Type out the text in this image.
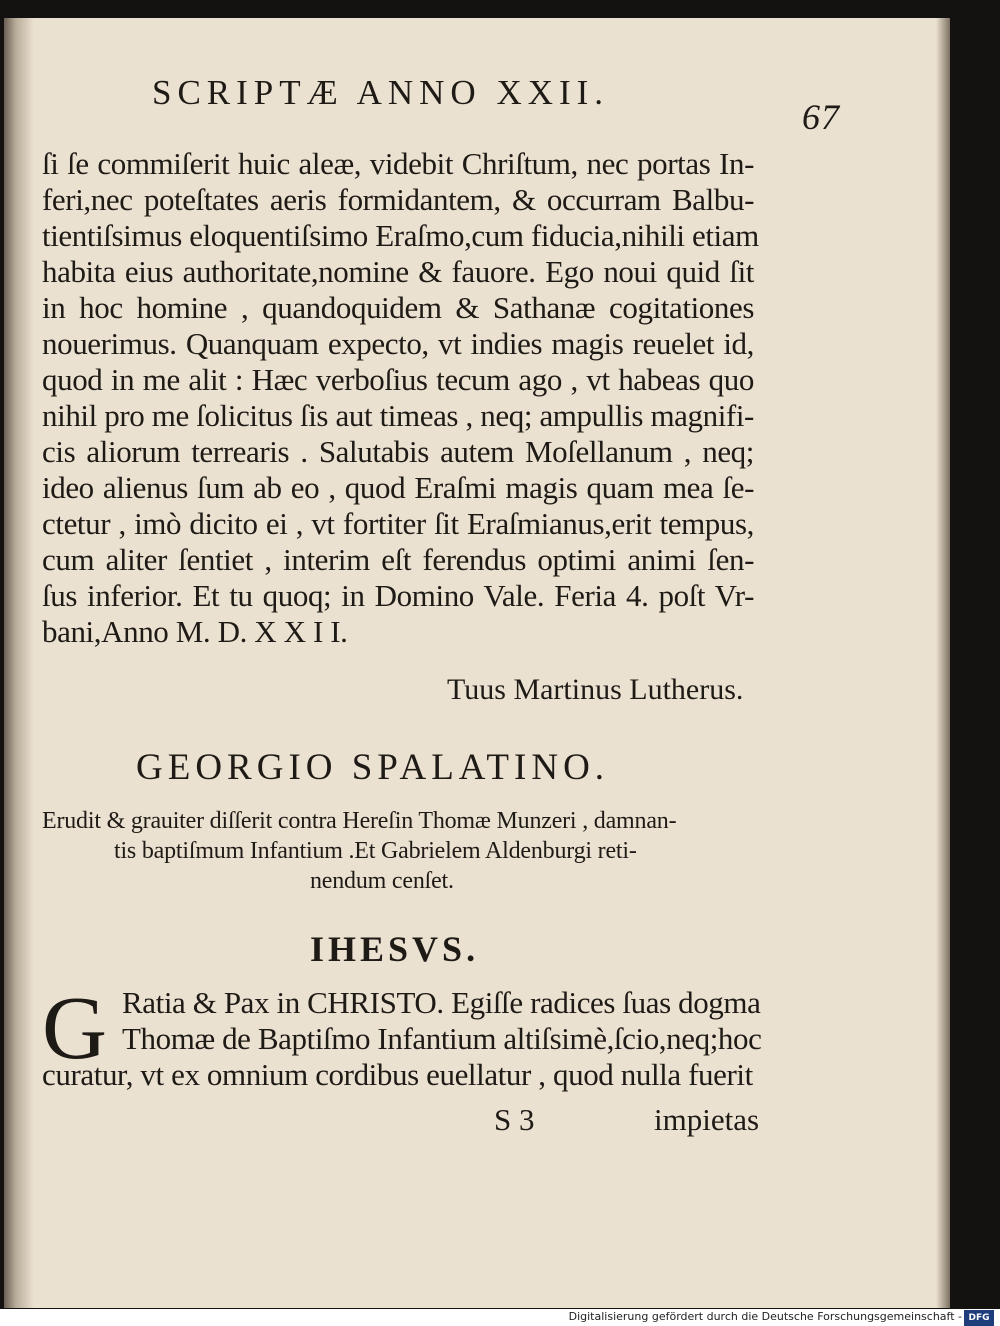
SCRIPTÆ ANNO XXII.
67
ſi ſe commiſerit huic aleæ, videbit Chriſtum, nec portas In-
feri,nec poteſtates aeris formidantem, & occurram Balbu-
tientiſsimus eloquentiſsimo Eraſmo,cum fiducia,nihili etiam
habita eius authoritate,nomine & fauore. Ego noui quid ſit
in hoc homine , quandoquidem & Sathanæ cogitationes
nouerimus. Quanquam expecto, vt indies magis reuelet id,
quod in me alit : Hæc verboſius tecum ago , vt habeas quo
nihil pro me ſolicitus ſis aut timeas , neq; ampullis magnifi-
cis aliorum terrearis . Salutabis autem Moſellanum , neq;
ideo alienus ſum ab eo , quod Eraſmi magis quam mea ſe-
ctetur , imò dicito ei , vt fortiter ſit Eraſmianus,erit tempus,
cum aliter ſentiet , interim eſt ferendus optimi animi ſen-
ſus inferior. Et tu quoq; in Domino Vale. Feria 4. poſt Vr-
bani,Anno M. D. X X I I.
Tuus Martinus Lutherus.
GEORGIO SPALATINO.
Erudit & grauiter diſſerit contra Hereſin Thomæ Munzeri , damnan-
tis baptiſmum Infantium .Et Gabrielem Aldenburgi reti-
nendum cenſet.
IHESVS.
G Ratia & Pax in CHRISTO. Egiſſe radices ſuas dogma
Thomæ de Baptiſmo Infantium altiſsimè,ſcio,neq;hoc
curatur, vt ex omnium cordibus euellatur , quod nulla fuerit
S 3	impietas
Digitalisierung gefördert durch die Deutsche Forschungsgemeinschaft - DFG
